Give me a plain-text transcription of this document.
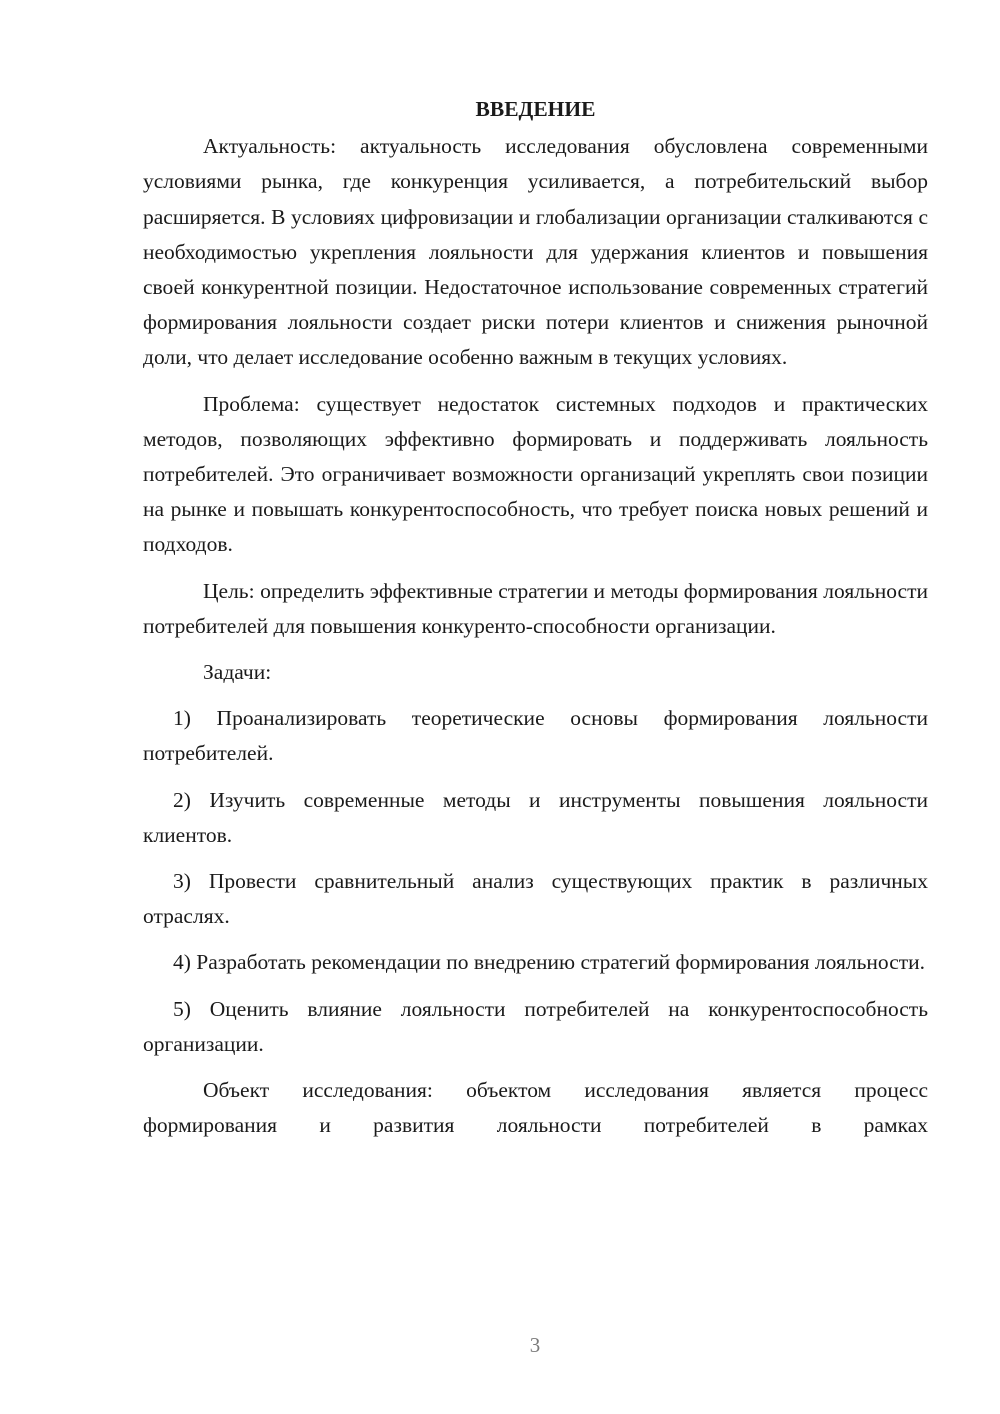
ВВЕДЕНИЕ

Актуальность: актуальность исследования обусловлена современными условиями рынка, где конкуренция усиливается, а потребительский выбор расширяется. В условиях цифровизации и глобализации организации сталкиваются с необходимостью укрепления лояльности для удержания клиентов и повышения своей конкурентной позиции. Недостаточное использование современных стратегий формирования лояльности создает риски потери клиентов и снижения рыночной доли, что делает исследование особенно важным в текущих условиях.

Проблема: существует недостаток системных подходов и практических методов, позволяющих эффективно формировать и поддерживать лояльность потребителей. Это ограничивает возможности организаций укреплять свои позиции на рынке и повышать конкурентоспособность, что требует поиска новых решений и подходов.

Цель: определить эффективные стратегии и методы формирования лояльности потребителей для повышения конкуренто-способности организации.

Задачи:

1) Проанализировать теоретические основы формирования лояльности потребителей.

2) Изучить современные методы и инструменты повышения лояльности клиентов.

3) Провести сравнительный анализ существующих практик в различных отраслях.

4) Разработать рекомендации по внедрению стратегий формирования лояльности.

5) Оценить влияние лояльности потребителей на конкурентоспособность организации.

Объект исследования: объектом исследования является процесс формирования и развития лояльности потребителей в рамках

3
